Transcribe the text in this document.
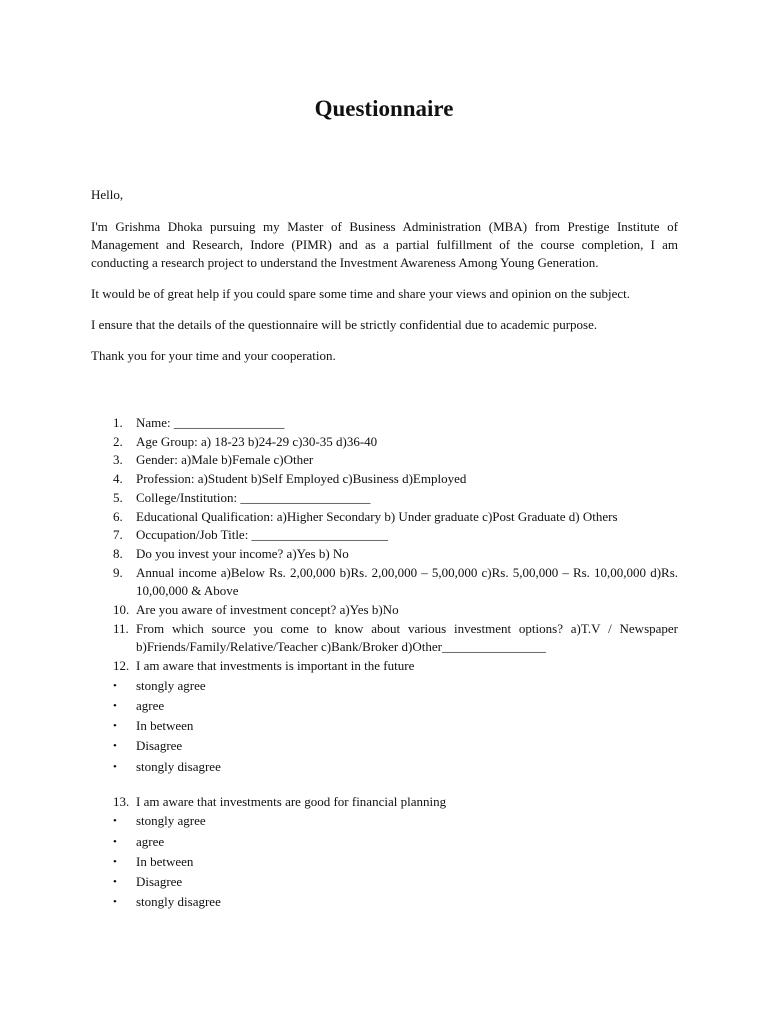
Questionnaire

Hello,

I'm Grishma Dhoka pursuing my Master of Business Administration (MBA) from Prestige Institute of Management and Research, Indore (PIMR) and as a partial fulfillment of the course completion, I am conducting a research project to understand the Investment Awareness Among Young Generation.

It would be of great help if you could spare some time and share your views and opinion on the subject.

I ensure that the details of the questionnaire will be strictly confidential due to academic purpose.

Thank you for your time and your cooperation.

1. Name: _________________
2. Age Group: a) 18-23 b)24-29 c)30-35 d)36-40
3. Gender: a)Male b)Female c)Other
4. Profession: a)Student b)Self Employed c)Business d)Employed
5. College/Institution: ____________________
6. Educational Qualification: a)Higher Secondary b) Under graduate c)Post Graduate d) Others
7. Occupation/Job Title: _____________________
8. Do you invest your income? a)Yes b) No
9. Annual income a)Below Rs. 2,00,000 b)Rs. 2,00,000 – 5,00,000 c)Rs. 5,00,000 – Rs. 10,00,000 d)Rs. 10,00,000 & Above
10. Are you aware of investment concept? a)Yes b)No
11. From which source you come to know about various investment options? a)T.V / Newspaper b)Friends/Family/Relative/Teacher c)Bank/Broker d)Other________________
12. I am aware that investments is important in the future
• stongly agree
• agree
• In between
• Disagree
• stongly disagree
13. I am aware that investments are good for financial planning
• stongly agree
• agree
• In between
• Disagree
• stongly disagree
